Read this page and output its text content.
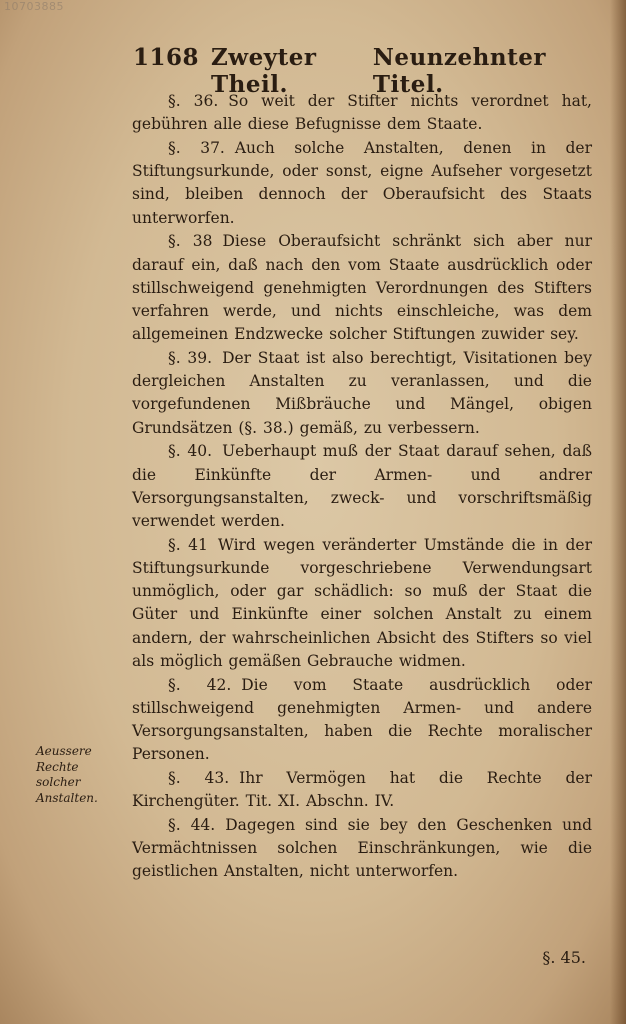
10703885
1168 Zweyter Theil.
Neunzehnter Titel.
Aeussere Rechte solcher Anstalten.

§. 36. So weit der Stifter nichts verordnet hat, gebühren alle diese Befugnisse dem Staate.

§. 37. Auch solche Anstalten, denen in der Stiftungsurkunde, oder sonst, eigne Aufseher vorgesetzt sind, bleiben dennoch der Oberaufsicht des Staats unterworfen.

§. 38 Diese Oberaufsicht schränkt sich aber nur darauf ein, daß nach den vom Staate ausdrücklich oder stillschweigend genehmigten Verordnungen des Stifters verfahren werde, und nichts einschleiche, was dem allgemeinen Endzwecke solcher Stiftungen zuwider sey.

§. 39. Der Staat ist also berechtigt, Visitationen bey dergleichen Anstalten zu veranlassen, und die vorgefundenen Mißbräuche und Mängel, obigen Grundsätzen (§. 38.) gemäß, zu verbessern.

§. 40. Ueberhaupt muß der Staat darauf sehen, daß die Einkünfte der Armen- und andrer Versorgungsanstalten, zweck- und vorschriftsmäßig verwendet werden.

§. 41 Wird wegen veränderter Umstände die in der Stiftungsurkunde vorgeschriebene Verwendungsart unmöglich, oder gar schädlich: so muß der Staat die Güter und Einkünfte einer solchen Anstalt zu einem andern, der wahrscheinlichen Absicht des Stifters so viel als möglich gemäßen Gebrauche widmen.

§. 42. Die vom Staate ausdrücklich oder stillschweigend genehmigten Armen- und andere Versorgungsanstalten, haben die Rechte moralischer Personen.

§. 43. Ihr Vermögen hat die Rechte der Kirchengüter. Tit. XI. Abschn. IV.

§. 44. Dagegen sind sie bey den Geschenken und Vermächtnissen solchen Einschränkungen, wie die geistlichen Anstalten, nicht unterworfen.

§. 45.
